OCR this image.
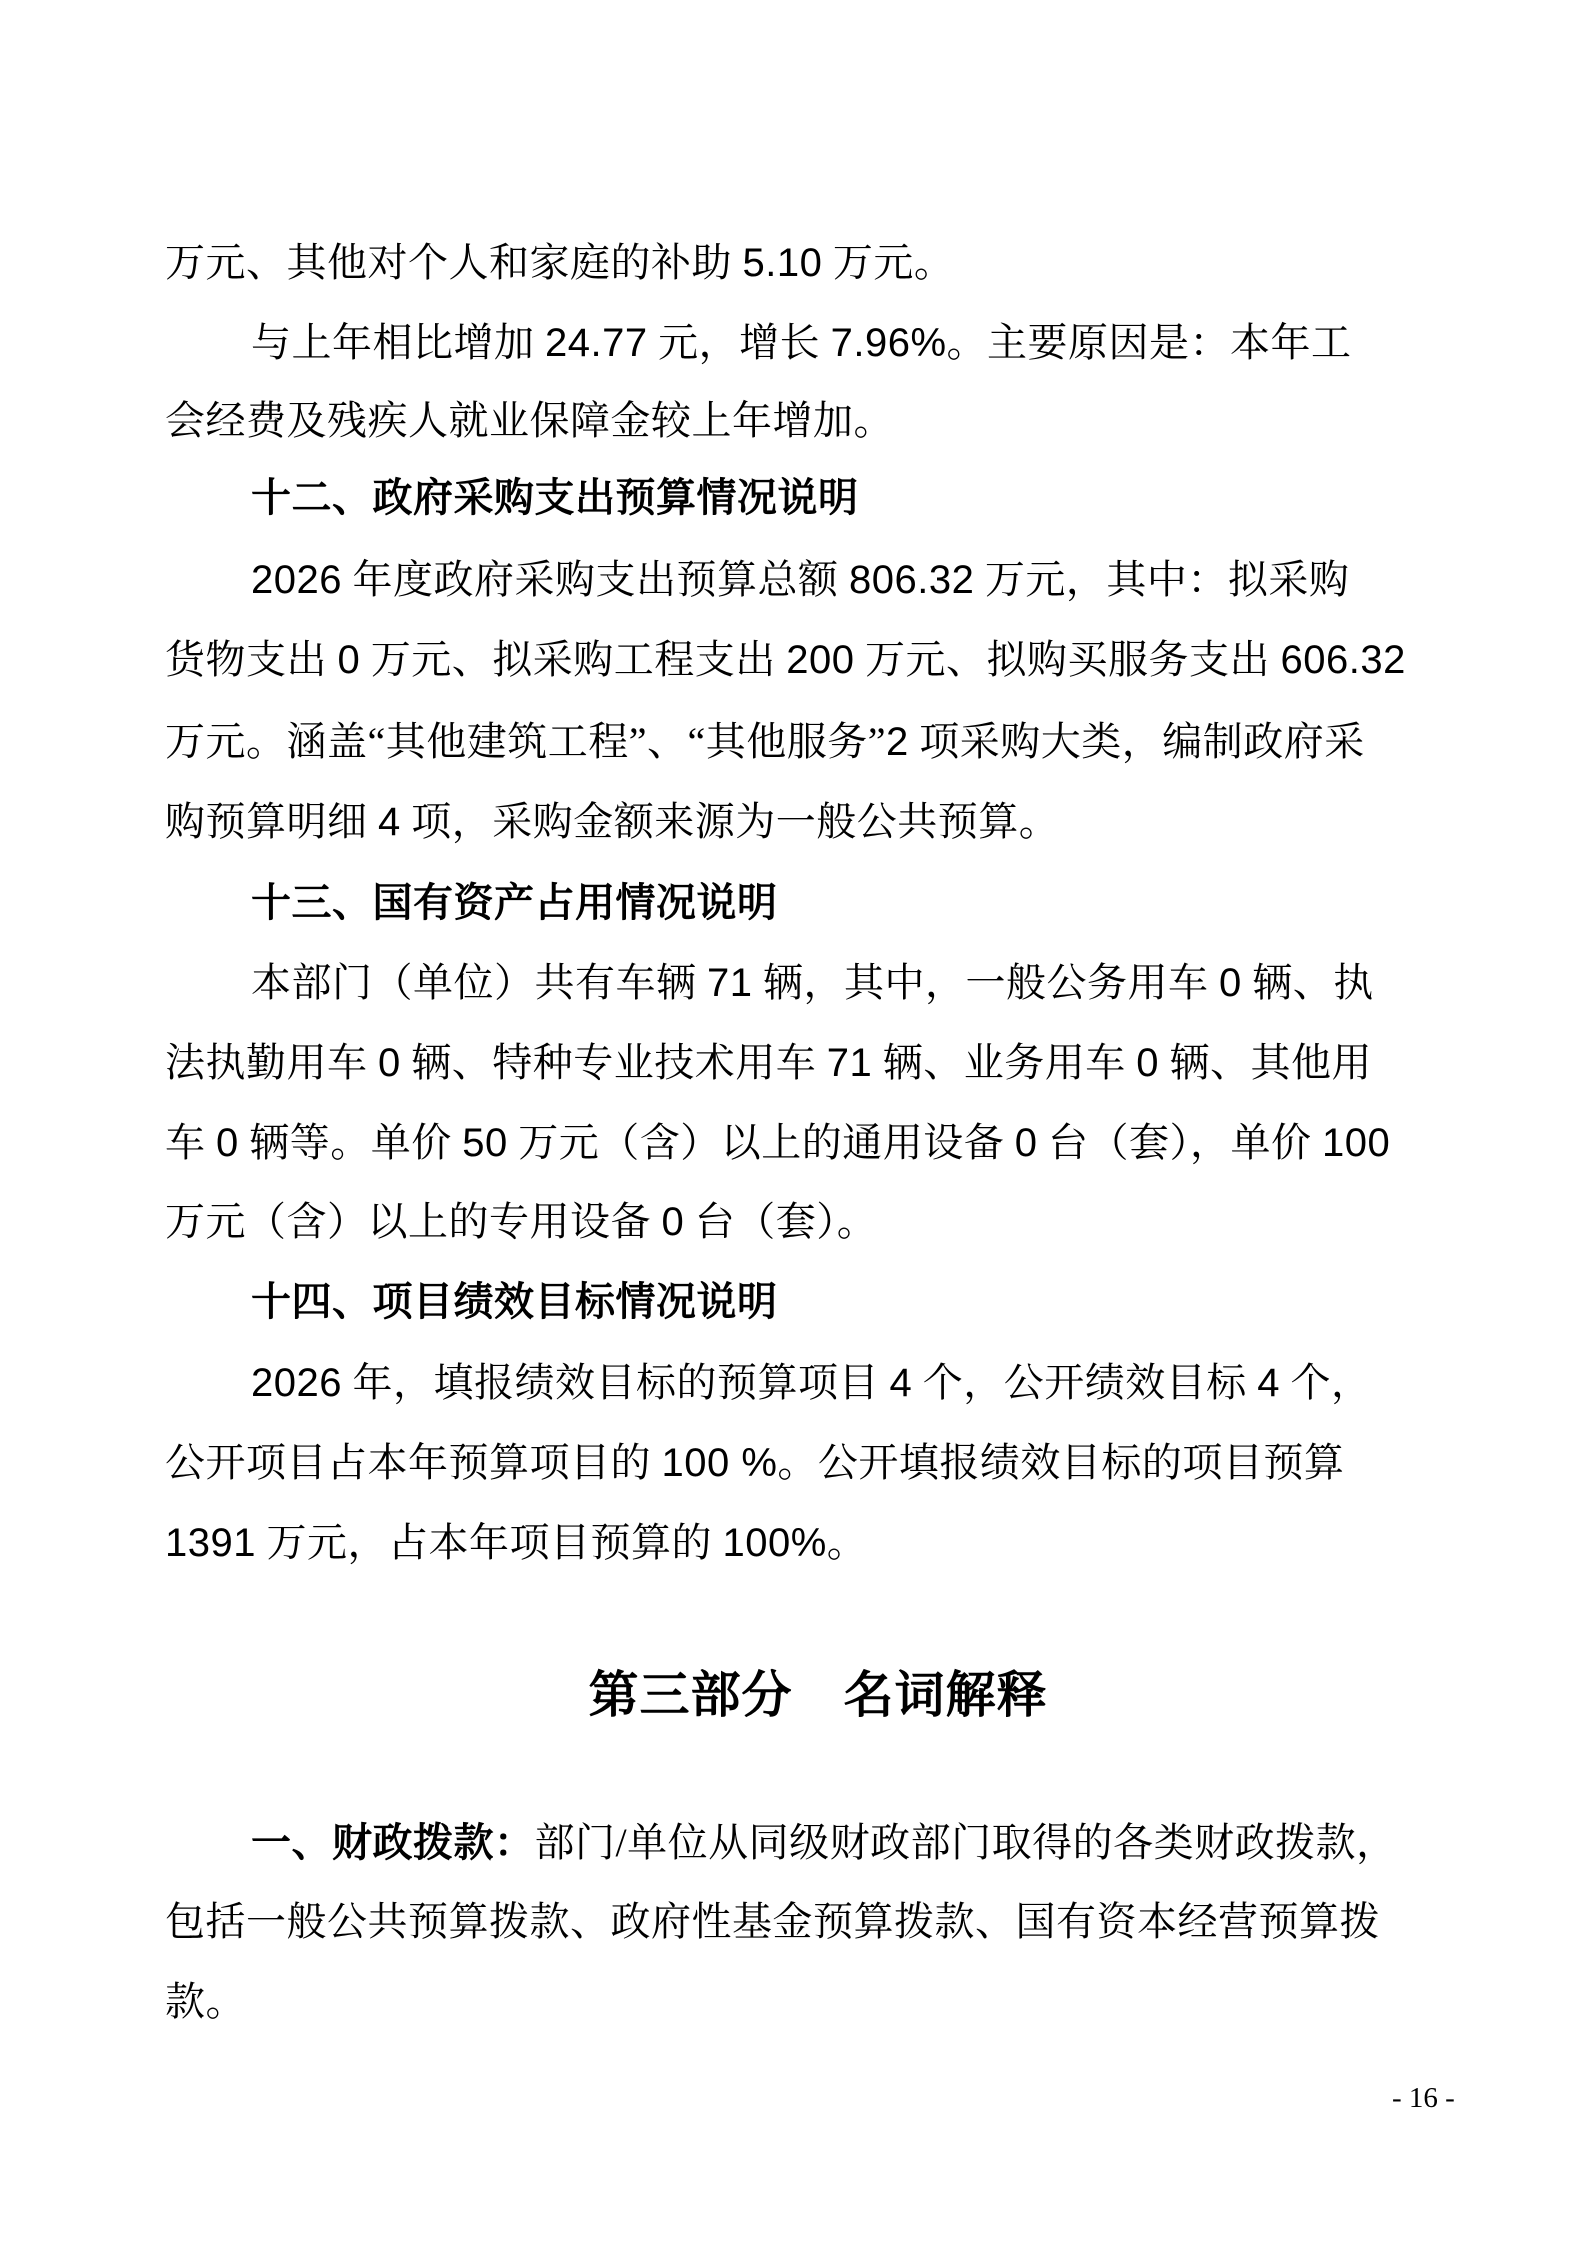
万元、其他对个人和家庭的补助 5.10 万元。
与上年相比增加 24.77 元，增长 7.96%。主要原因是：本年工
会经费及残疾人就业保障金较上年增加。
十二、政府采购支出预算情况说明
2026 年度政府采购支出预算总额 806.32 万元，其中：拟采购
货物支出 0 万元、拟采购工程支出 200 万元、拟购买服务支出 606.32
万元。涵盖“其他建筑工程”、“其他服务”2 项采购大类，编制政府采
购预算明细 4 项，采购金额来源为一般公共预算。
十三、国有资产占用情况说明
本部门（单位）共有车辆 71 辆，其中，一般公务用车 0 辆、执
法执勤用车 0 辆、特种专业技术用车 71 辆、业务用车 0 辆、其他用
车 0 辆等。单价 50 万元（含）以上的通用设备 0 台（套），单价 100
万元（含）以上的专用设备 0 台（套）。
十四、项目绩效目标情况说明
2026 年，填报绩效目标的预算项目 4 个，公开绩效目标 4 个，
公开项目占本年预算项目的 100 %。公开填报绩效目标的项目预算
1391 万元，占本年项目预算的 100%。
一、财政拨款：部门/单位从同级财政部门取得的各类财政拨款，
包括一般公共预算拨款、政府性基金预算拨款、国有资本经营预算拨
款。
第三部分　名词解释
- 16 -
